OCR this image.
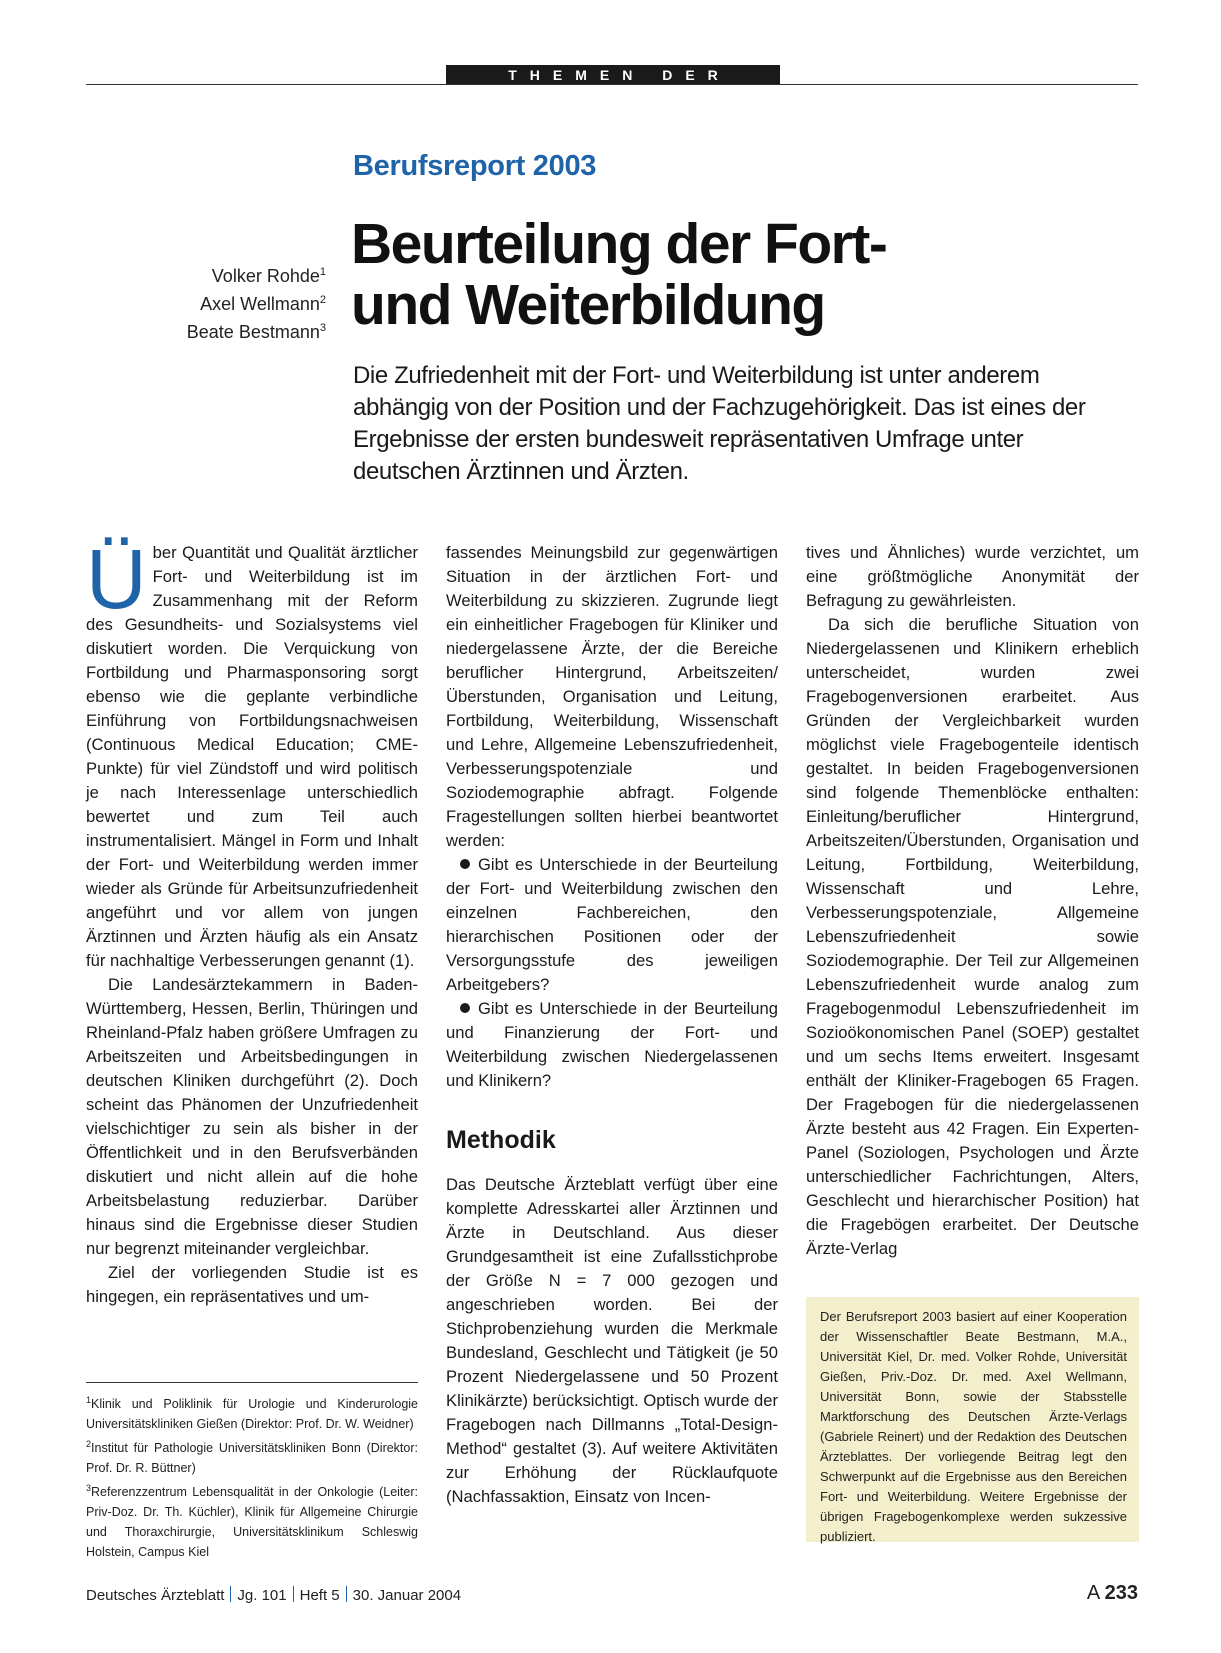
THEMEN DER ZEIT
Berufsreport 2003
Beurteilung der Fort-
und Weiterbildung
Volker Rohde$^1$
Axel Wellmann$^2$
Beate Bestmann$^3$
Die Zufriedenheit mit der Fort- und Weiterbildung ist unter anderem abhängig von der Position und der Fachzugehörigkeit. Das ist eines der Ergebnisse der ersten bundesweit repräsentativen Umfrage unter deutschen Ärztinnen und Ärzten.

Über Quantität und Qualität ärztlicher Fort- und Weiterbildung ist im Zusammenhang mit der Reform des Gesundheits- und Sozialsystems viel diskutiert worden. Die Verquickung von Fortbildung und Pharmasponsoring sorgt ebenso wie die geplante verbindliche Einführung von Fortbildungsnachweisen (Continuous Medical Education; CME-Punkte) für viel Zündstoff und wird politisch je nach Interessenlage unterschiedlich bewertet und zum Teil auch instrumentalisiert. Mängel in Form und Inhalt der Fort- und Weiterbildung werden immer wieder als Gründe für Arbeitsunzufriedenheit angeführt und vor allem von jungen Ärztinnen und Ärzten häufig als ein Ansatz für nachhaltige Verbesserungen genannt (1).

Die Landesärztekammern in Baden-Württemberg, Hessen, Berlin, Thüringen und Rheinland-Pfalz haben größere Umfragen zu Arbeitszeiten und Arbeitsbedingungen in deutschen Kliniken durchgeführt (2). Doch scheint das Phänomen der Unzufriedenheit vielschichtiger zu sein als bisher in der Öffentlichkeit und in den Berufsverbänden diskutiert und nicht allein auf die hohe Arbeitsbelastung reduzierbar. Darüber hinaus sind die Ergebnisse dieser Studien nur begrenzt miteinander vergleichbar.

Ziel der vorliegenden Studie ist es hingegen, ein repräsentatives und um-

fassendes Meinungsbild zur gegenwärtigen Situation in der ärztlichen Fort- und Weiterbildung zu skizzieren. Zugrunde liegt ein einheitlicher Fragebogen für Kliniker und niedergelassene Ärzte, der die Bereiche beruflicher Hintergrund, Arbeitszeiten/Überstunden, Organisation und Leitung, Fortbildung, Weiterbildung, Wissenschaft und Lehre, Allgemeine Lebenszufriedenheit, Verbesserungspotenziale und Soziodemographie abfragt. Folgende Fragestellungen sollten hierbei beantwortet werden:

Gibt es Unterschiede in der Beurteilung der Fort- und Weiterbildung zwischen den einzelnen Fachbereichen, den hierarchischen Positionen oder der Versorgungsstufe des jeweiligen Arbeitgebers?

Gibt es Unterschiede in der Beurteilung und Finanzierung der Fort- und Weiterbildung zwischen Niedergelassenen und Klinikern?

Methodik

Das Deutsche Ärzteblatt verfügt über eine komplette Adresskartei aller Ärztinnen und Ärzte in Deutschland. Aus dieser Grundgesamtheit ist eine Zufallsstichprobe der Größe N = 7 000 gezogen und angeschrieben worden. Bei der Stichprobenziehung wurden die Merkmale Bundesland, Geschlecht und Tätigkeit (je 50 Prozent Niedergelassene und 50 Prozent Klinikärzte) berücksichtigt. Optisch wurde der Fragebogen nach Dillmanns „Total-Design-Method“ gestaltet (3). Auf weitere Aktivitäten zur Erhöhung der Rücklaufquote (Nachfassaktion, Einsatz von Incen-

tives und Ähnliches) wurde verzichtet, um eine größtmögliche Anonymität der Befragung zu gewährleisten.

Da sich die berufliche Situation von Niedergelassenen und Klinikern erheblich unterscheidet, wurden zwei Fragebogenversionen erarbeitet. Aus Gründen der Vergleichbarkeit wurden möglichst viele Fragebogenteile identisch gestaltet. In beiden Fragebogenversionen sind folgende Themenblöcke enthalten: Einleitung/beruflicher Hintergrund, Arbeitszeiten/Überstunden, Organisation und Leitung, Fortbildung, Weiterbildung, Wissenschaft und Lehre, Verbesserungspotenziale, Allgemeine Lebenszufriedenheit sowie Soziodemographie. Der Teil zur Allgemeinen Lebenszufriedenheit wurde analog zum Fragebogenmodul Lebenszufriedenheit im Sozioökonomischen Panel (SOEP) gestaltet und um sechs Items erweitert. Insgesamt enthält der Kliniker-Fragebogen 65 Fragen. Der Fragebogen für die niedergelassenen Ärzte besteht aus 42 Fragen. Ein Experten-Panel (Soziologen, Psychologen und Ärzte unterschiedlicher Fachrichtungen, Alters, Geschlecht und hierarchischer Position) hat die Fragebögen erarbeitet. Der Deutsche Ärzte-Verlag

$^1$Klinik und Poliklinik für Urologie und Kinderurologie Universitätskliniken Gießen (Direktor: Prof. Dr. W. Weidner)
$^2$Institut für Pathologie Universitätskliniken Bonn (Direktor: Prof. Dr. R. Büttner)
$^3$Referenzzentrum Lebensqualität in der Onkologie (Leiter: Priv-Doz. Dr. Th. Küchler), Klinik für Allgemeine Chirurgie und Thoraxchirurgie, Universitätsklinikum Schleswig Holstein, Campus Kiel
Der Berufsreport 2003 basiert auf einer Kooperation der Wissenschaftler Beate Bestmann, M.A., Universität Kiel, Dr. med. Volker Rohde, Universität Gießen, Priv.-Doz. Dr. med. Axel Wellmann, Universität Bonn, sowie der Stabsstelle Marktforschung des Deutschen Ärzte-Verlags (Gabriele Reinert) und der Redaktion des Deutschen Ärzteblattes. Der vorliegende Beitrag legt den Schwerpunkt auf die Ergebnisse aus den Bereichen Fort- und Weiterbildung. Weitere Ergebnisse der übrigen Fragebogenkomplexe werden sukzessive publiziert.
Deutsches Ärzteblatt Jg. 101 Heft 5 30. Januar 2004	A 233
